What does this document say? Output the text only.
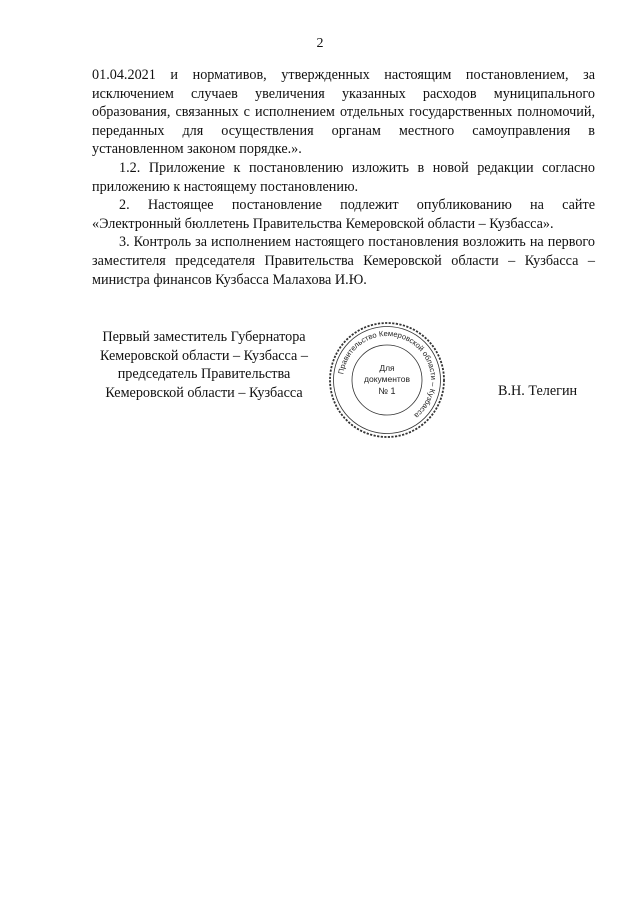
2

01.04.2021 и нормативов, утвержденных настоящим постановлением, за исключением случаев увеличения указанных расходов муниципального образования, связанных с исполнением отдельных государственных полномочий, переданных для осуществления органам местного самоуправления в установленном законом порядке.».

1.2. Приложение к постановлению изложить в новой редакции согласно приложению к настоящему постановлению.

2. Настоящее постановление подлежит опубликованию на сайте «Электронный бюллетень Правительства Кемеровской области – Кузбасса».

3. Контроль за исполнением настоящего постановления возложить на первого заместителя председателя Правительства Кемеровской области – Кузбасса – министра финансов Кузбасса Малахова И.Ю.

Первый заместитель Губернатора
Кемеровской области – Кузбасса –
председатель Правительства
Кемеровской области – Кузбасса
Правительство Кемеровской области – Кузбасса
Для
документов
№ 1	В.Н. Телегин
